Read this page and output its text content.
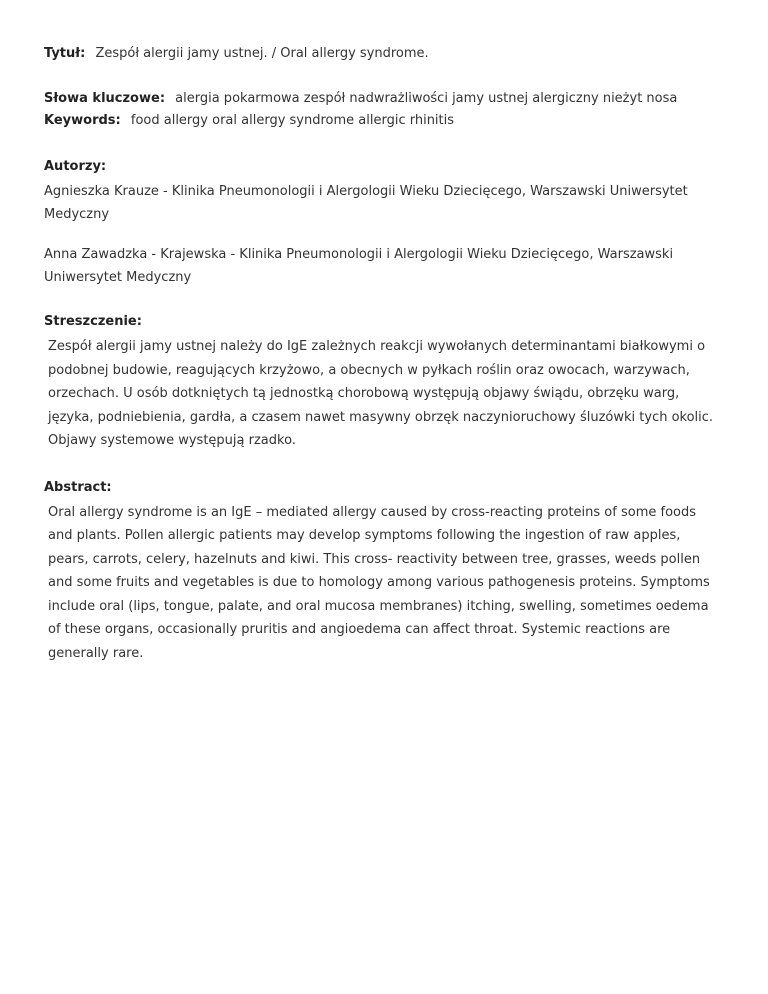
Tytuł: Zespół alergii jamy ustnej. / Oral allergy syndrome.
Słowa kluczowe: alergia pokarmowa zespół nadwrażliwości jamy ustnej alergiczny nieżyt nosa
Keywords: food allergy oral allergy syndrome allergic rhinitis
Autorzy:
Agnieszka Krauze - Klinika Pneumonologii i Alergologii Wieku Dziecięcego, Warszawski Uniwersytet Medyczny
Anna Zawadzka - Krajewska - Klinika Pneumonologii i Alergologii Wieku Dziecięcego, Warszawski Uniwersytet Medyczny
Streszczenie:
Zespół alergii jamy ustnej należy do IgE zależnych reakcji wywołanych determinantami białkowymi o podobnej budowie, reagujących krzyżowo, a obecnych w pyłkach roślin oraz owocach, warzywach, orzechach. U osób dotkniętych tą jednostką chorobową występują objawy świądu, obrzęku warg, języka, podniebienia, gardła, a czasem nawet masywny obrzęk naczynioruchowy śluzówki tych okolic. Objawy systemowe występują rzadko.
Abstract:
Oral allergy syndrome is an IgE – mediated allergy caused by cross-reacting proteins of some foods and plants. Pollen allergic patients may develop symptoms following the ingestion of raw apples, pears, carrots, celery, hazelnuts and kiwi. This cross- reactivity between tree, grasses, weeds pollen and some fruits and vegetables is due to homology among various pathogenesis proteins. Symptoms include oral (lips, tongue, palate, and oral mucosa membranes) itching, swelling, sometimes oedema of these organs, occasionally pruritis and angioedema can affect throat. Systemic reactions are generally rare.
